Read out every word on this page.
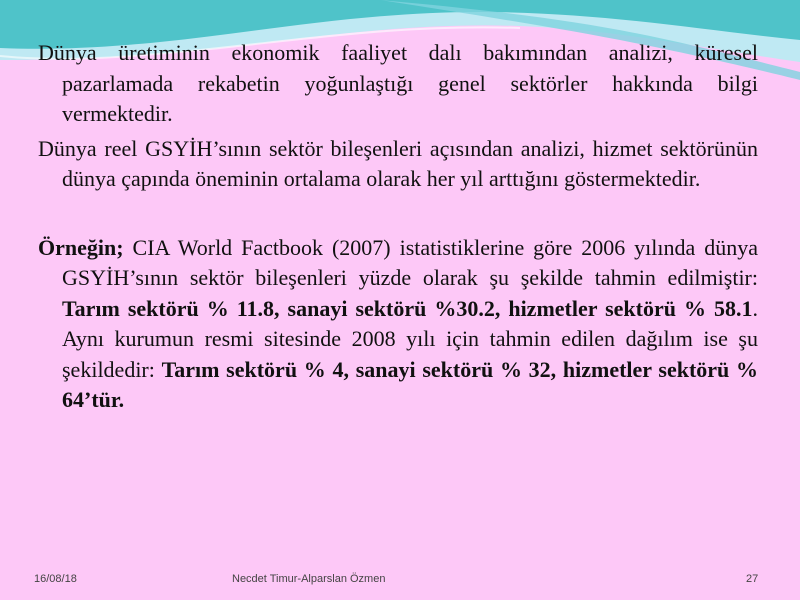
Dünya üretiminin ekonomik faaliyet dalı bakımından analizi, küresel pazarlamada rekabetin yoğunlaştığı genel sektörler hakkında bilgi vermektedir.

Dünya reel GSYİH’sının sektör bileşenleri açısından analizi, hizmet sektörünün dünya çapında öneminin ortalama olarak her yıl arttığını göstermektedir.

Örneğin; CIA World Factbook (2007) istatistiklerine göre 2006 yılında dünya GSYİH’sının sektör bileşenleri yüzde olarak şu şekilde tahmin edilmiştir: Tarım sektörü % 11.8, sanayi sektörü %30.2, hizmetler sektörü % 58.1. Aynı kurumun resmi sitesinde 2008 yılı için tahmin edilen dağılım ise şu şekildedir: Tarım sektörü % 4, sanayi sektörü % 32, hizmetler sektörü % 64’tür.

16/08/18	Necdet Timur-Alparslan Özmen	27
